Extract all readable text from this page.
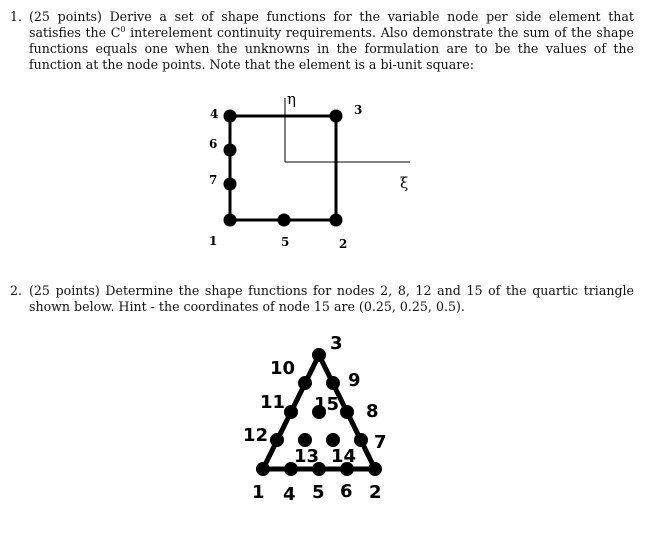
1. (25 points) Derive a set of shape functions for the variable node per side element that satisfies the $C^0$ interelement continuity requirements. Also demonstrate the sum of the shape functions equals one when the unknowns in the formulation are to be the values of the function at the node points. Note that the element is a bi-unit square:
η
ξ
1	2
3
4
5
6
7
1	2
3
4 5 6
7
8
9
10
11
12
13 14
15
2. (25 points) Determine the shape functions for nodes 2, 8, 12 and 15 of the quartic triangle shown below. Hint - the coordinates of node 15 are (0.25, 0.25, 0.5).
